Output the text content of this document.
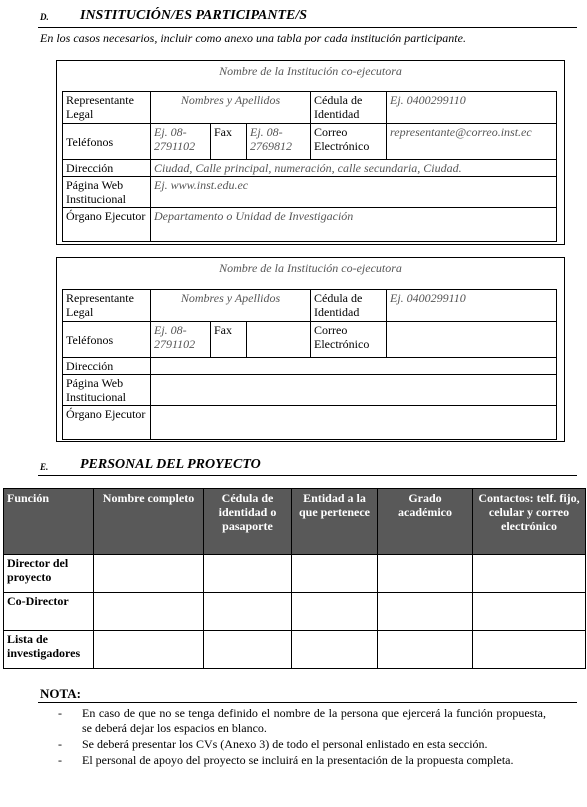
D. INSTITUCIÓN/ES PARTICIPANTE/S
En los casos necesarios, incluir como anexo una tabla por cada institución participante.
Nombre de la Institución co-ejecutora
Representante Legal	Nombres y Apellidos			Cédula de Identidad	Ej. 0400299110
Teléfonos	Ej. 08-2791102	Fax	Ej. 08-2769812	Correo Electrónico	representante@correo.inst.ec
Dirección	Ciudad, Calle principal, numeración, calle secundaria, Ciudad.				
Página Web Institucional	Ej. www.inst.edu.ec				
Órgano Ejecutor	Departamento o Unidad de Investigación				
Nombre de la Institución co-ejecutora
Representante Legal	Nombres y Apellidos			Cédula de Identidad	Ej. 0400299110
Teléfonos	Ej. 08-2791102	Fax		Correo Electrónico	
Dirección					
Página Web Institucional					
Órgano Ejecutor					
E. PERSONAL DEL PROYECTO
Función	Nombre completo	Cédula de identidad o pasaporte	Entidad a la que pertenece	Grado académico	Contactos: telf. fijo, celular y correo electrónico
Director del proyecto					
Co-Director					
Lista de investigadores					
NOTA:
- En caso de que no se tenga definido el nombre de la persona que ejercerá la función propuesta, se deberá dejar los espacios en blanco.
- Se deberá presentar los CVs (Anexo 3) de todo el personal enlistado en esta sección.
- El personal de apoyo del proyecto se incluirá en la presentación de la propuesta completa.
